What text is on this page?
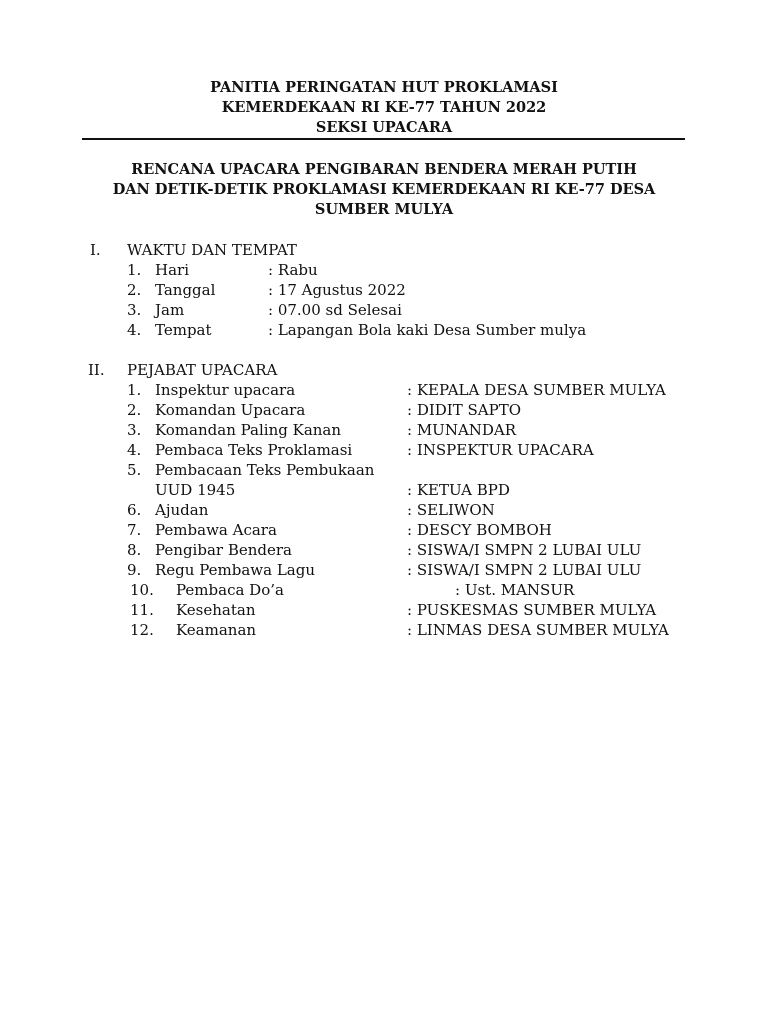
PANITIA PERINGATAN HUT PROKLAMASI
KEMERDEKAAN RI KE-77 TAHUN 2022
SEKSI UPACARA
RENCANA UPACARA PENGIBARAN BENDERA MERAH PUTIH
DAN DETIK-DETIK PROKLAMASI KEMERDEKAAN RI KE-77 DESA
SUMBER MULYA
I. WAKTU DAN TEMPAT
1. Hari	: Rabu
2. Tanggal	: 17 Agustus 2022
3. Jam	: 07.00 sd Selesai
4. Tempat	: Lapangan Bola kaki Desa Sumber mulya
II. PEJABAT UPACARA
1. Inspektur upacara	: KEPALA DESA SUMBER MULYA
2. Komandan Upacara	: DIDIT SAPTO
3. Komandan Paling Kanan	: MUNANDAR
4. Pembaca Teks Proklamasi	: INSPEKTUR UPACARA
5. Pembacaan Teks Pembukaan
UUD 1945	: KETUA BPD
6. Ajudan	: SELIWON
7. Pembawa Acara	: DESCY BOMBOH
8. Pengibar Bendera	: SISWA/I SMPN 2 LUBAI ULU
9. Regu Pembawa Lagu	: SISWA/I SMPN 2 LUBAI ULU
10. Pembaca Do’a	: Ust. MANSUR
11. Kesehatan	: PUSKESMAS SUMBER MULYA
12. Keamanan	: LINMAS DESA SUMBER MULYA
